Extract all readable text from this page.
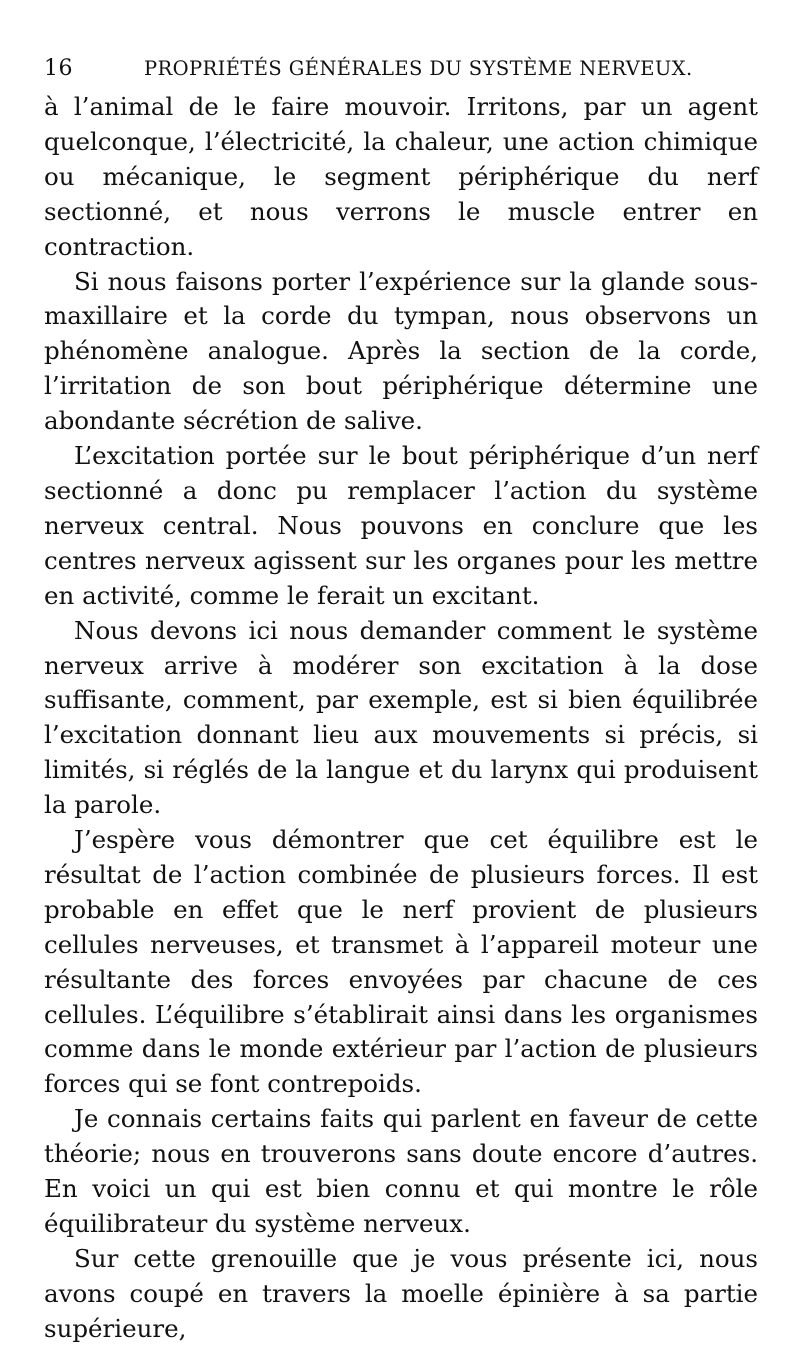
16	PROPRIÉTÉS GÉNÉRALES DU SYSTÈME NERVEUX.

à l’animal de le faire mouvoir. Irritons, par un agent quelconque, l’électricité, la chaleur, une action chimique ou mécanique, le segment périphérique du nerf sectionné, et nous verrons le muscle entrer en contraction.

Si nous faisons porter l’expérience sur la glande sous-maxillaire et la corde du tympan, nous observons un phénomène analogue. Après la section de la corde, l’irritation de son bout périphérique détermine une abondante sécrétion de salive.

L’excitation portée sur le bout périphérique d’un nerf sectionné a donc pu remplacer l’action du système nerveux central. Nous pouvons en conclure que les centres nerveux agissent sur les organes pour les mettre en activité, comme le ferait un excitant.

Nous devons ici nous demander comment le système nerveux arrive à modérer son excitation à la dose suffisante, comment, par exemple, est si bien équilibrée l’excitation donnant lieu aux mouvements si précis, si limités, si réglés de la langue et du larynx qui produisent la parole.

J’espère vous démontrer que cet équilibre est le résultat de l’action combinée de plusieurs forces. Il est probable en effet que le nerf provient de plusieurs cellules nerveuses, et transmet à l’appareil moteur une résultante des forces envoyées par chacune de ces cellules. L’équilibre s’établirait ainsi dans les organismes comme dans le monde extérieur par l’action de plusieurs forces qui se font contrepoids.

Je connais certains faits qui parlent en faveur de cette théorie; nous en trouverons sans doute encore d’autres. En voici un qui est bien connu et qui montre le rôle équilibrateur du système nerveux.

Sur cette grenouille que je vous présente ici, nous avons coupé en travers la moelle épinière à sa partie supérieure,
